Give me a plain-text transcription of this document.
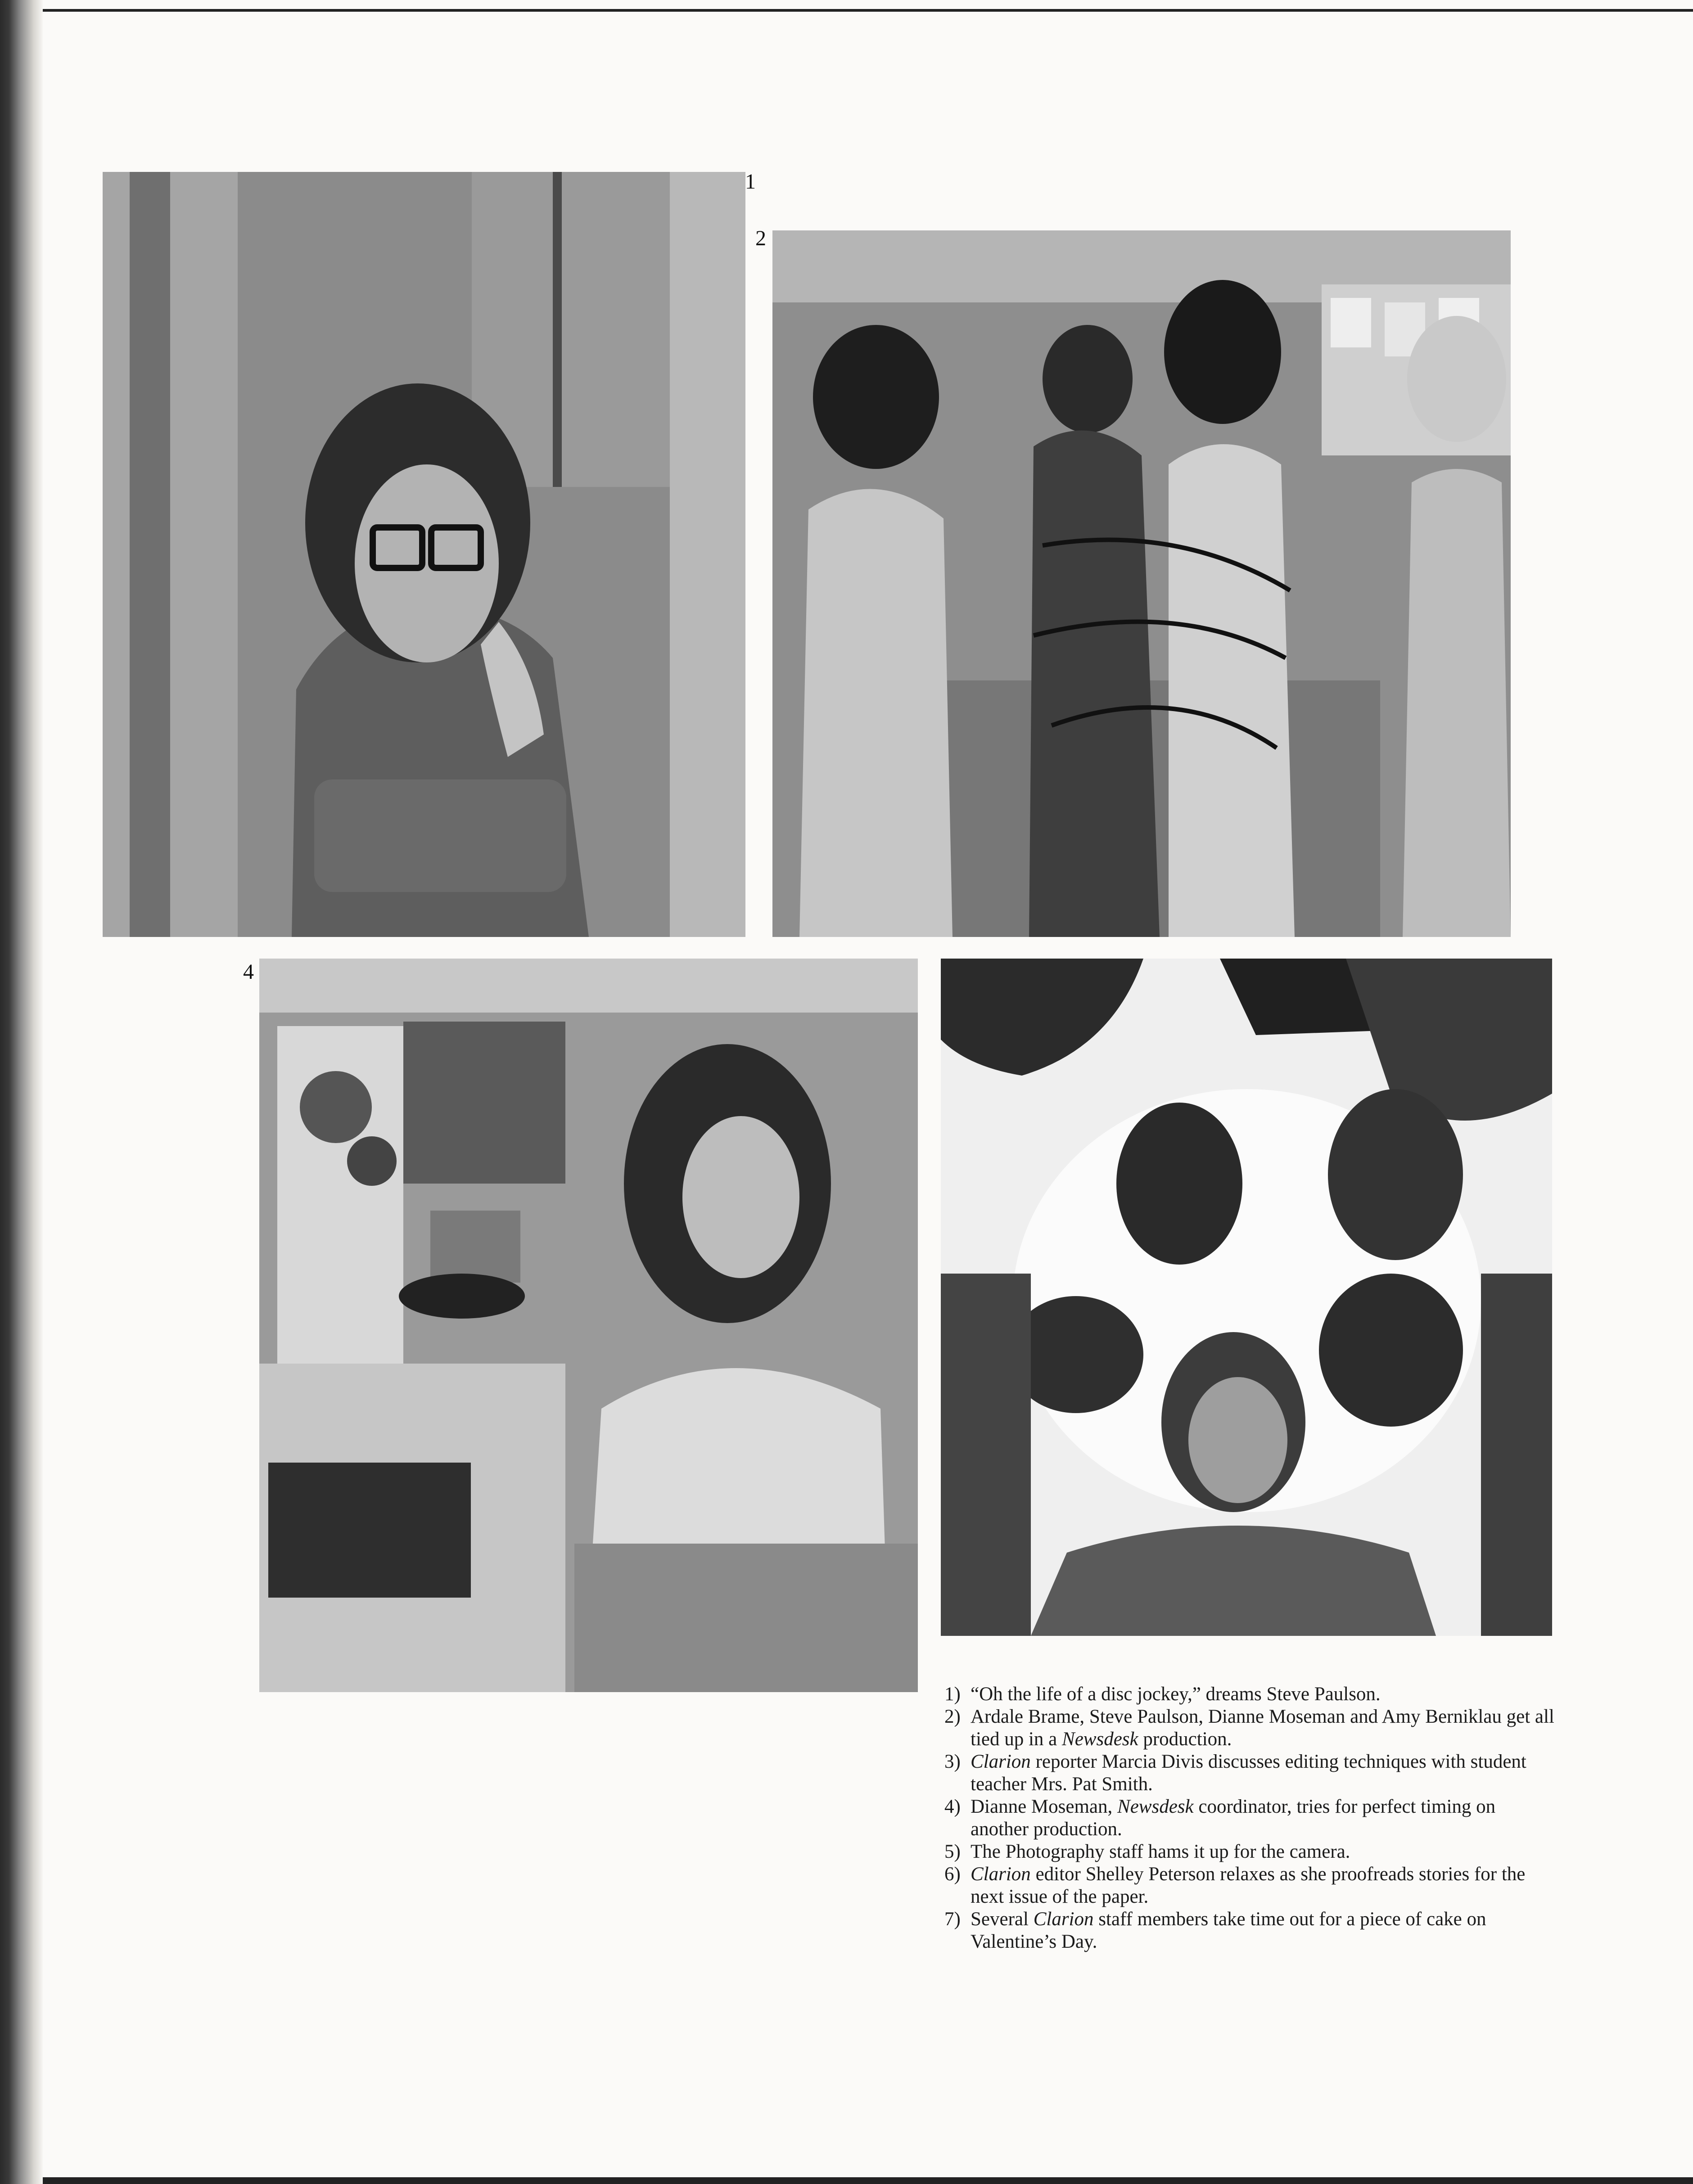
1
2
4
1) “Oh the life of a disc jockey,” dreams Steve Paulson.
2) Ardale Brame, Steve Paulson, Dianne Moseman and Amy Berniklau get all tied up in a Newsdesk production.
3) Clarion reporter Marcia Divis discusses editing techniques with student teacher Mrs. Pat Smith.
4) Dianne Moseman, Newsdesk coordinator, tries for perfect timing on another production.
5) The Photography staff hams it up for the camera.
6) Clarion editor Shelley Peterson relaxes as she proofreads stories for the next issue of the paper.
7) Several Clarion staff members take time out for a piece of cake on Valentine’s Day.
